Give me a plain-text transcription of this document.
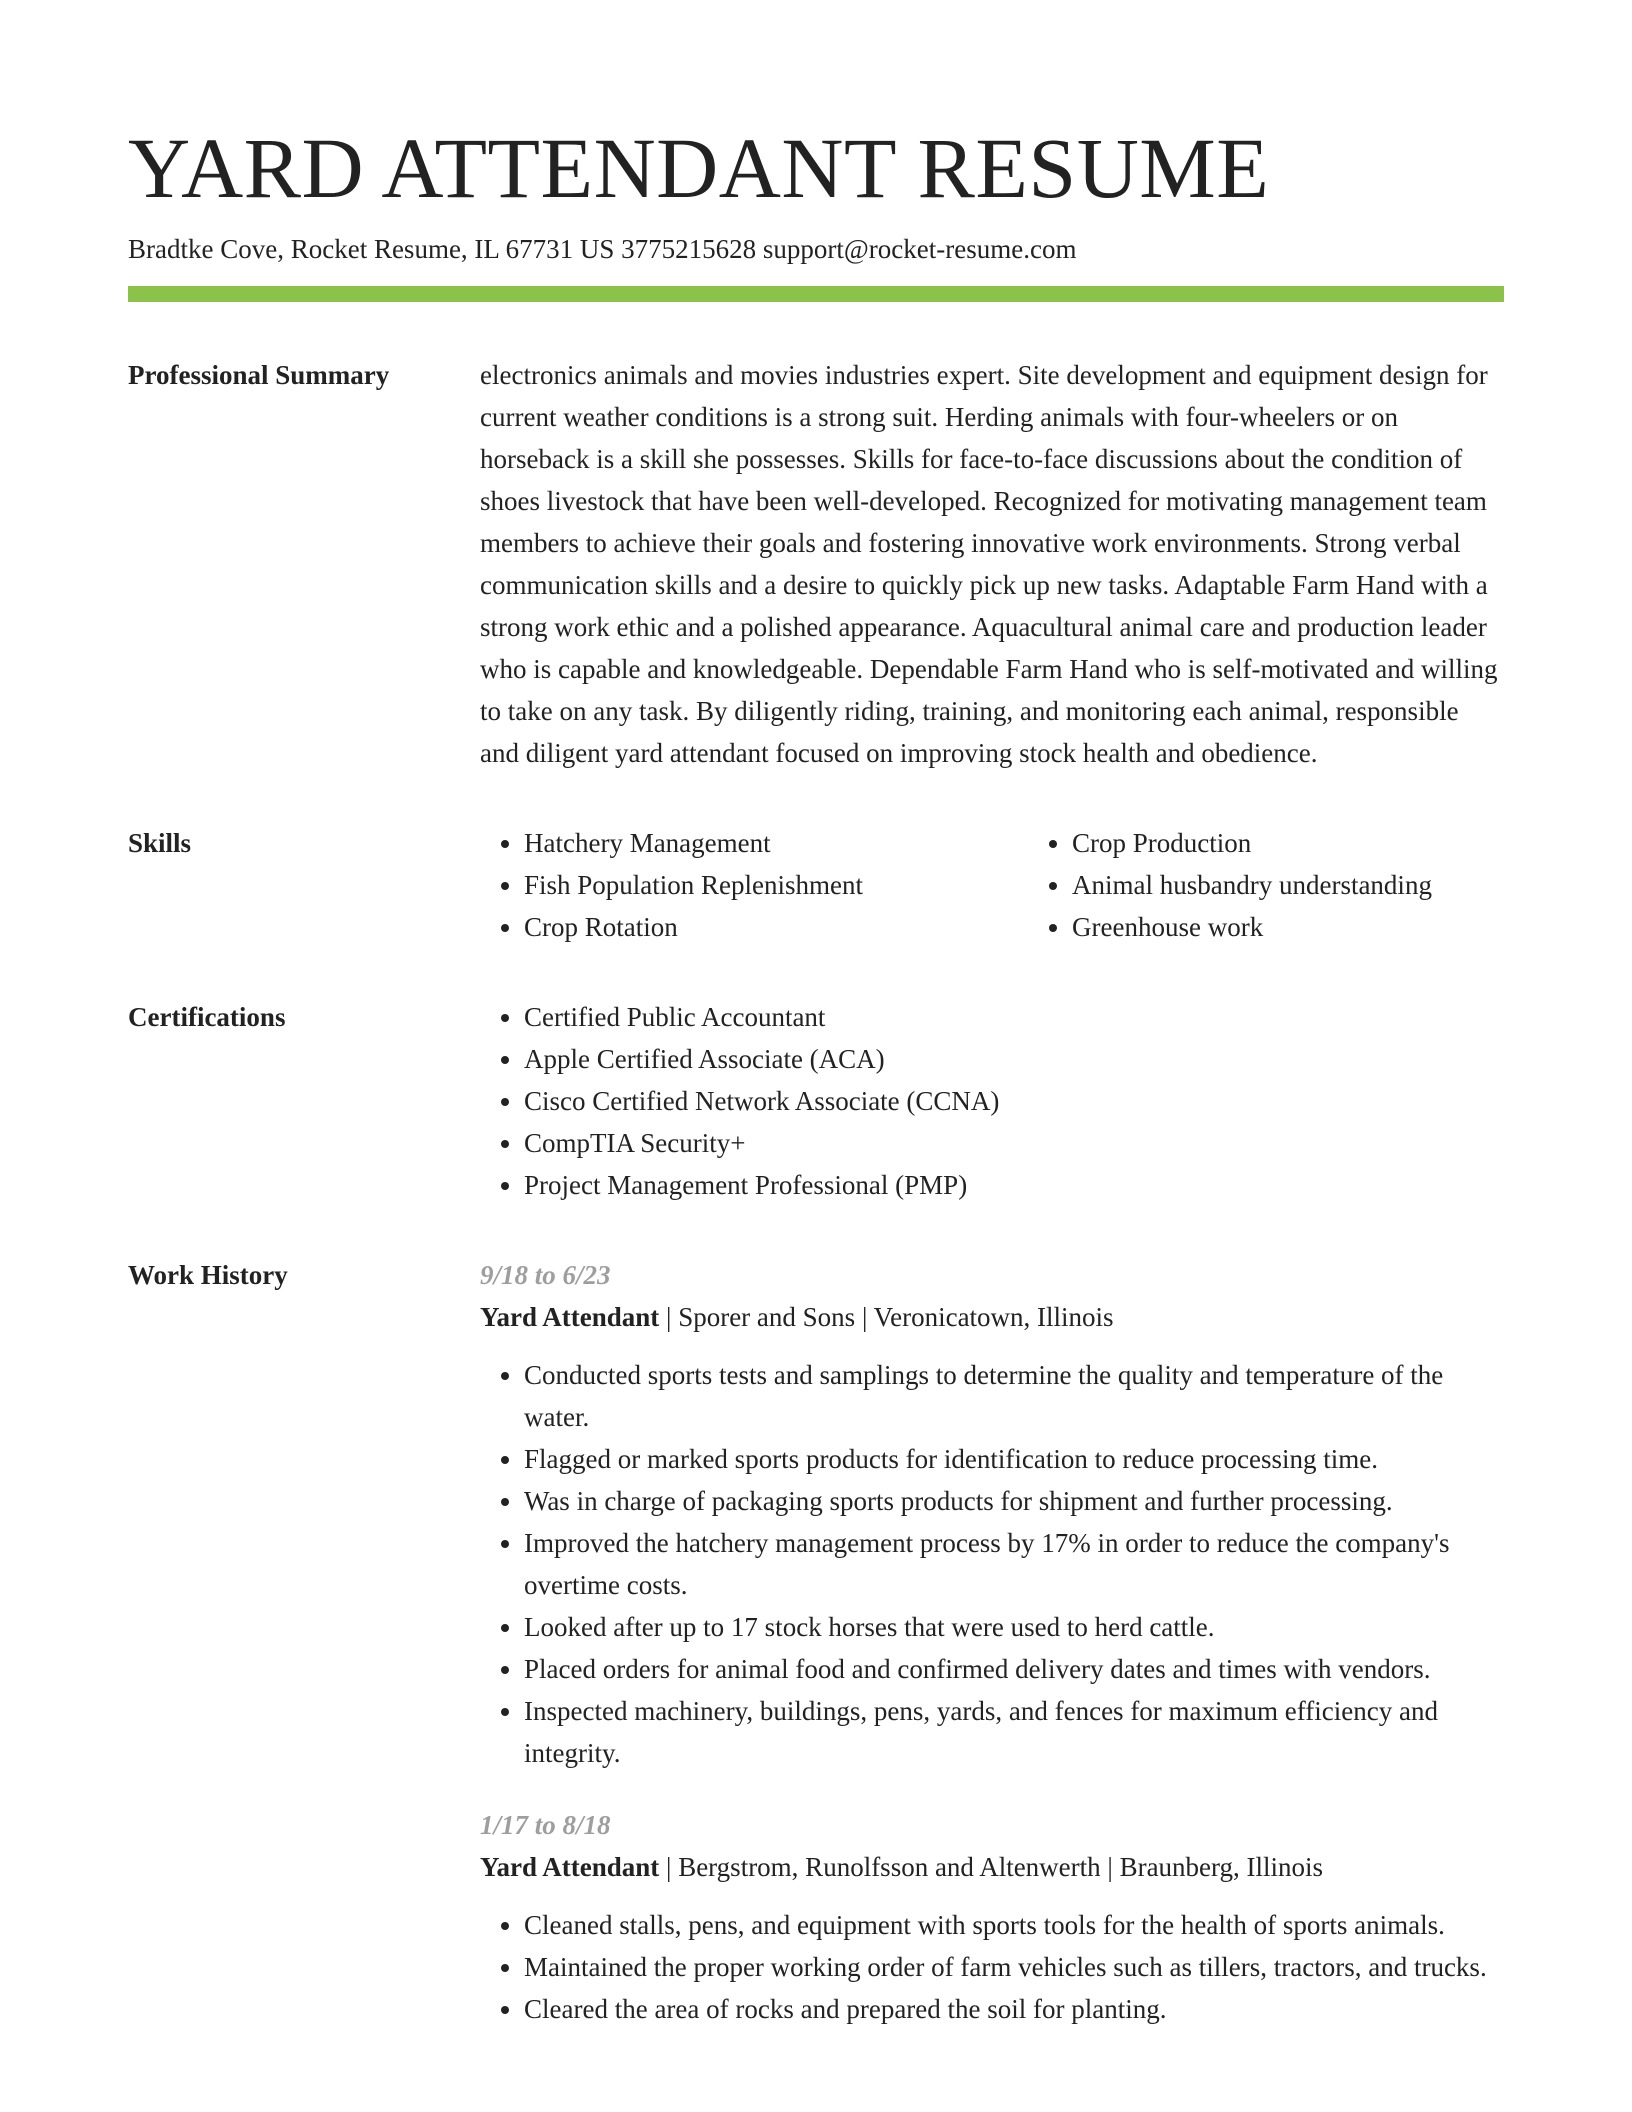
YARD ATTENDANT RESUME
Bradtke Cove, Rocket Resume, IL 67731 US 3775215628 support@rocket-resume.com
Professional Summary	electronics animals and movies industries expert. Site development and equipment design for current weather conditions is a strong suit. Herding animals with four-wheelers or on horseback is a skill she possesses. Skills for face-to-face discussions about the condition of shoes livestock that have been well-developed. Recognized for motivating management team members to achieve their goals and fostering innovative work environments. Strong verbal communication skills and a desire to quickly pick up new tasks. Adaptable Farm Hand with a strong work ethic and a polished appearance. Aquacultural animal care and production leader who is capable and knowledgeable. Dependable Farm Hand who is self-motivated and willing to take on any task. By diligently riding, training, and monitoring each animal, responsible and diligent yard attendant focused on improving stock health and obedience.

Skills	• Hatchery Management
• Fish Population Replenishment
• Crop Rotation
• Crop Production
• Animal husbandry understanding
• Greenhouse work
Certifications	• Certified Public Accountant
• Apple Certified Associate (ACA)
• Cisco Certified Network Associate (CCNA)
• CompTIA Security+
• Project Management Professional (PMP)
Work History	9/18 to 6/23
Yard Attendant | Sporer and Sons | Veronicatown, Illinois
• Conducted sports tests and samplings to determine the quality and temperature of the water.
• Flagged or marked sports products for identification to reduce processing time.
• Was in charge of packaging sports products for shipment and further processing.
• Improved the hatchery management process by 17% in order to reduce the company's overtime costs.
• Looked after up to 17 stock horses that were used to herd cattle.
• Placed orders for animal food and confirmed delivery dates and times with vendors.
• Inspected machinery, buildings, pens, yards, and fences for maximum efficiency and integrity.
1/17 to 8/18
Yard Attendant | Bergstrom, Runolfsson and Altenwerth | Braunberg, Illinois
• Cleaned stalls, pens, and equipment with sports tools for the health of sports animals.
• Maintained the proper working order of farm vehicles such as tillers, tractors, and trucks.
• Cleared the area of rocks and prepared the soil for planting.
